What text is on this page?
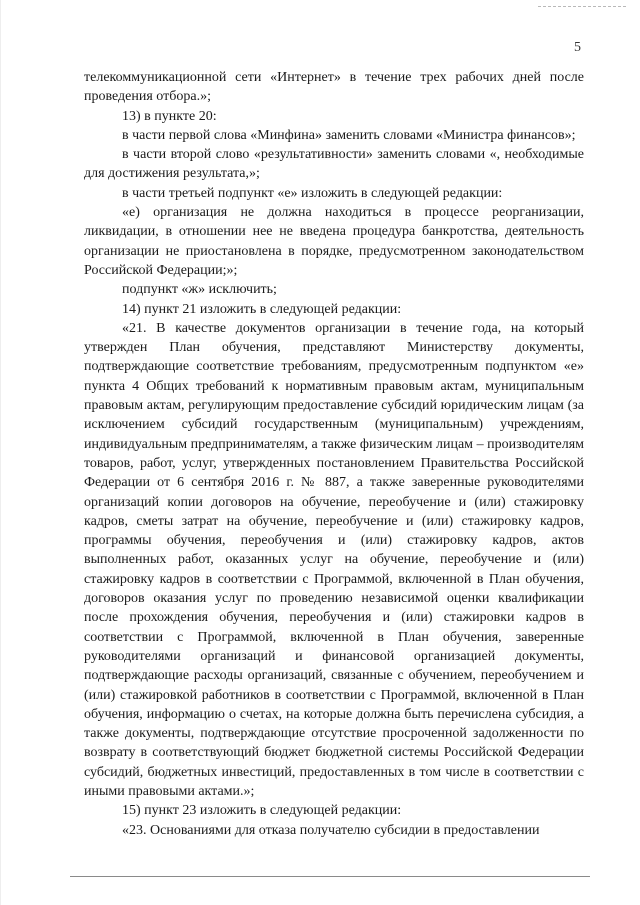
5

телекоммуникационной сети «Интернет» в течение трех рабочих дней после проведения отбора.»;

13) в пункте 20:

в части первой слова «Минфина» заменить словами «Министра финансов»;

в части второй слово «результативности» заменить словами «, необходимые для достижения результата,»;

в части третьей подпункт «е» изложить в следующей редакции:

«е) организация не должна находиться в процессе реорганизации, ликвидации, в отношении нее не введена процедура банкротства, деятельность организации не приостановлена в порядке, предусмотренном законодательством Российской Федерации;»;

подпункт «ж» исключить;

14) пункт 21 изложить в следующей редакции:

«21. В качестве документов организации в течение года, на который утвержден План обучения, представляют Министерству документы, подтверждающие соответствие требованиям, предусмотренным подпунктом «е» пункта 4 Общих требований к нормативным правовым актам, муниципальным правовым актам, регулирующим предоставление субсидий юридическим лицам (за исключением субсидий государственным (муниципальным) учреждениям, индивидуальным предпринимателям, а также физическим лицам – производителям товаров, работ, услуг, утвержденных постановлением Правительства Российской Федерации от 6 сентября 2016 г. № 887, а также заверенные руководителями организаций копии договоров на обучение, переобучение и (или) стажировку кадров, сметы затрат на обучение, переобучение и (или) стажировку кадров, программы обучения, переобучения и (или) стажировку кадров, актов выполненных работ, оказанных услуг на обучение, переобучение и (или) стажировку кадров в соответствии с Программой, включенной в План обучения, договоров оказания услуг по проведению независимой оценки квалификации после прохождения обучения, переобучения и (или) стажировки кадров в соответствии с Программой, включенной в План обучения, заверенные руководителями организаций и финансовой организацией документы, подтверждающие расходы организаций, связанные с обучением, переобучением и (или) стажировкой работников в соответствии с Программой, включенной в План обучения, информацию о счетах, на которые должна быть перечислена субсидия, а также документы, подтверждающие отсутствие просроченной задолженности по возврату в соответствующий бюджет бюджетной системы Российской Федерации субсидий, бюджетных инвестиций, предоставленных в том числе в соответствии с иными правовыми актами.»;

15) пункт 23 изложить в следующей редакции:

«23. Основаниями для отказа получателю субсидии в предоставлении
